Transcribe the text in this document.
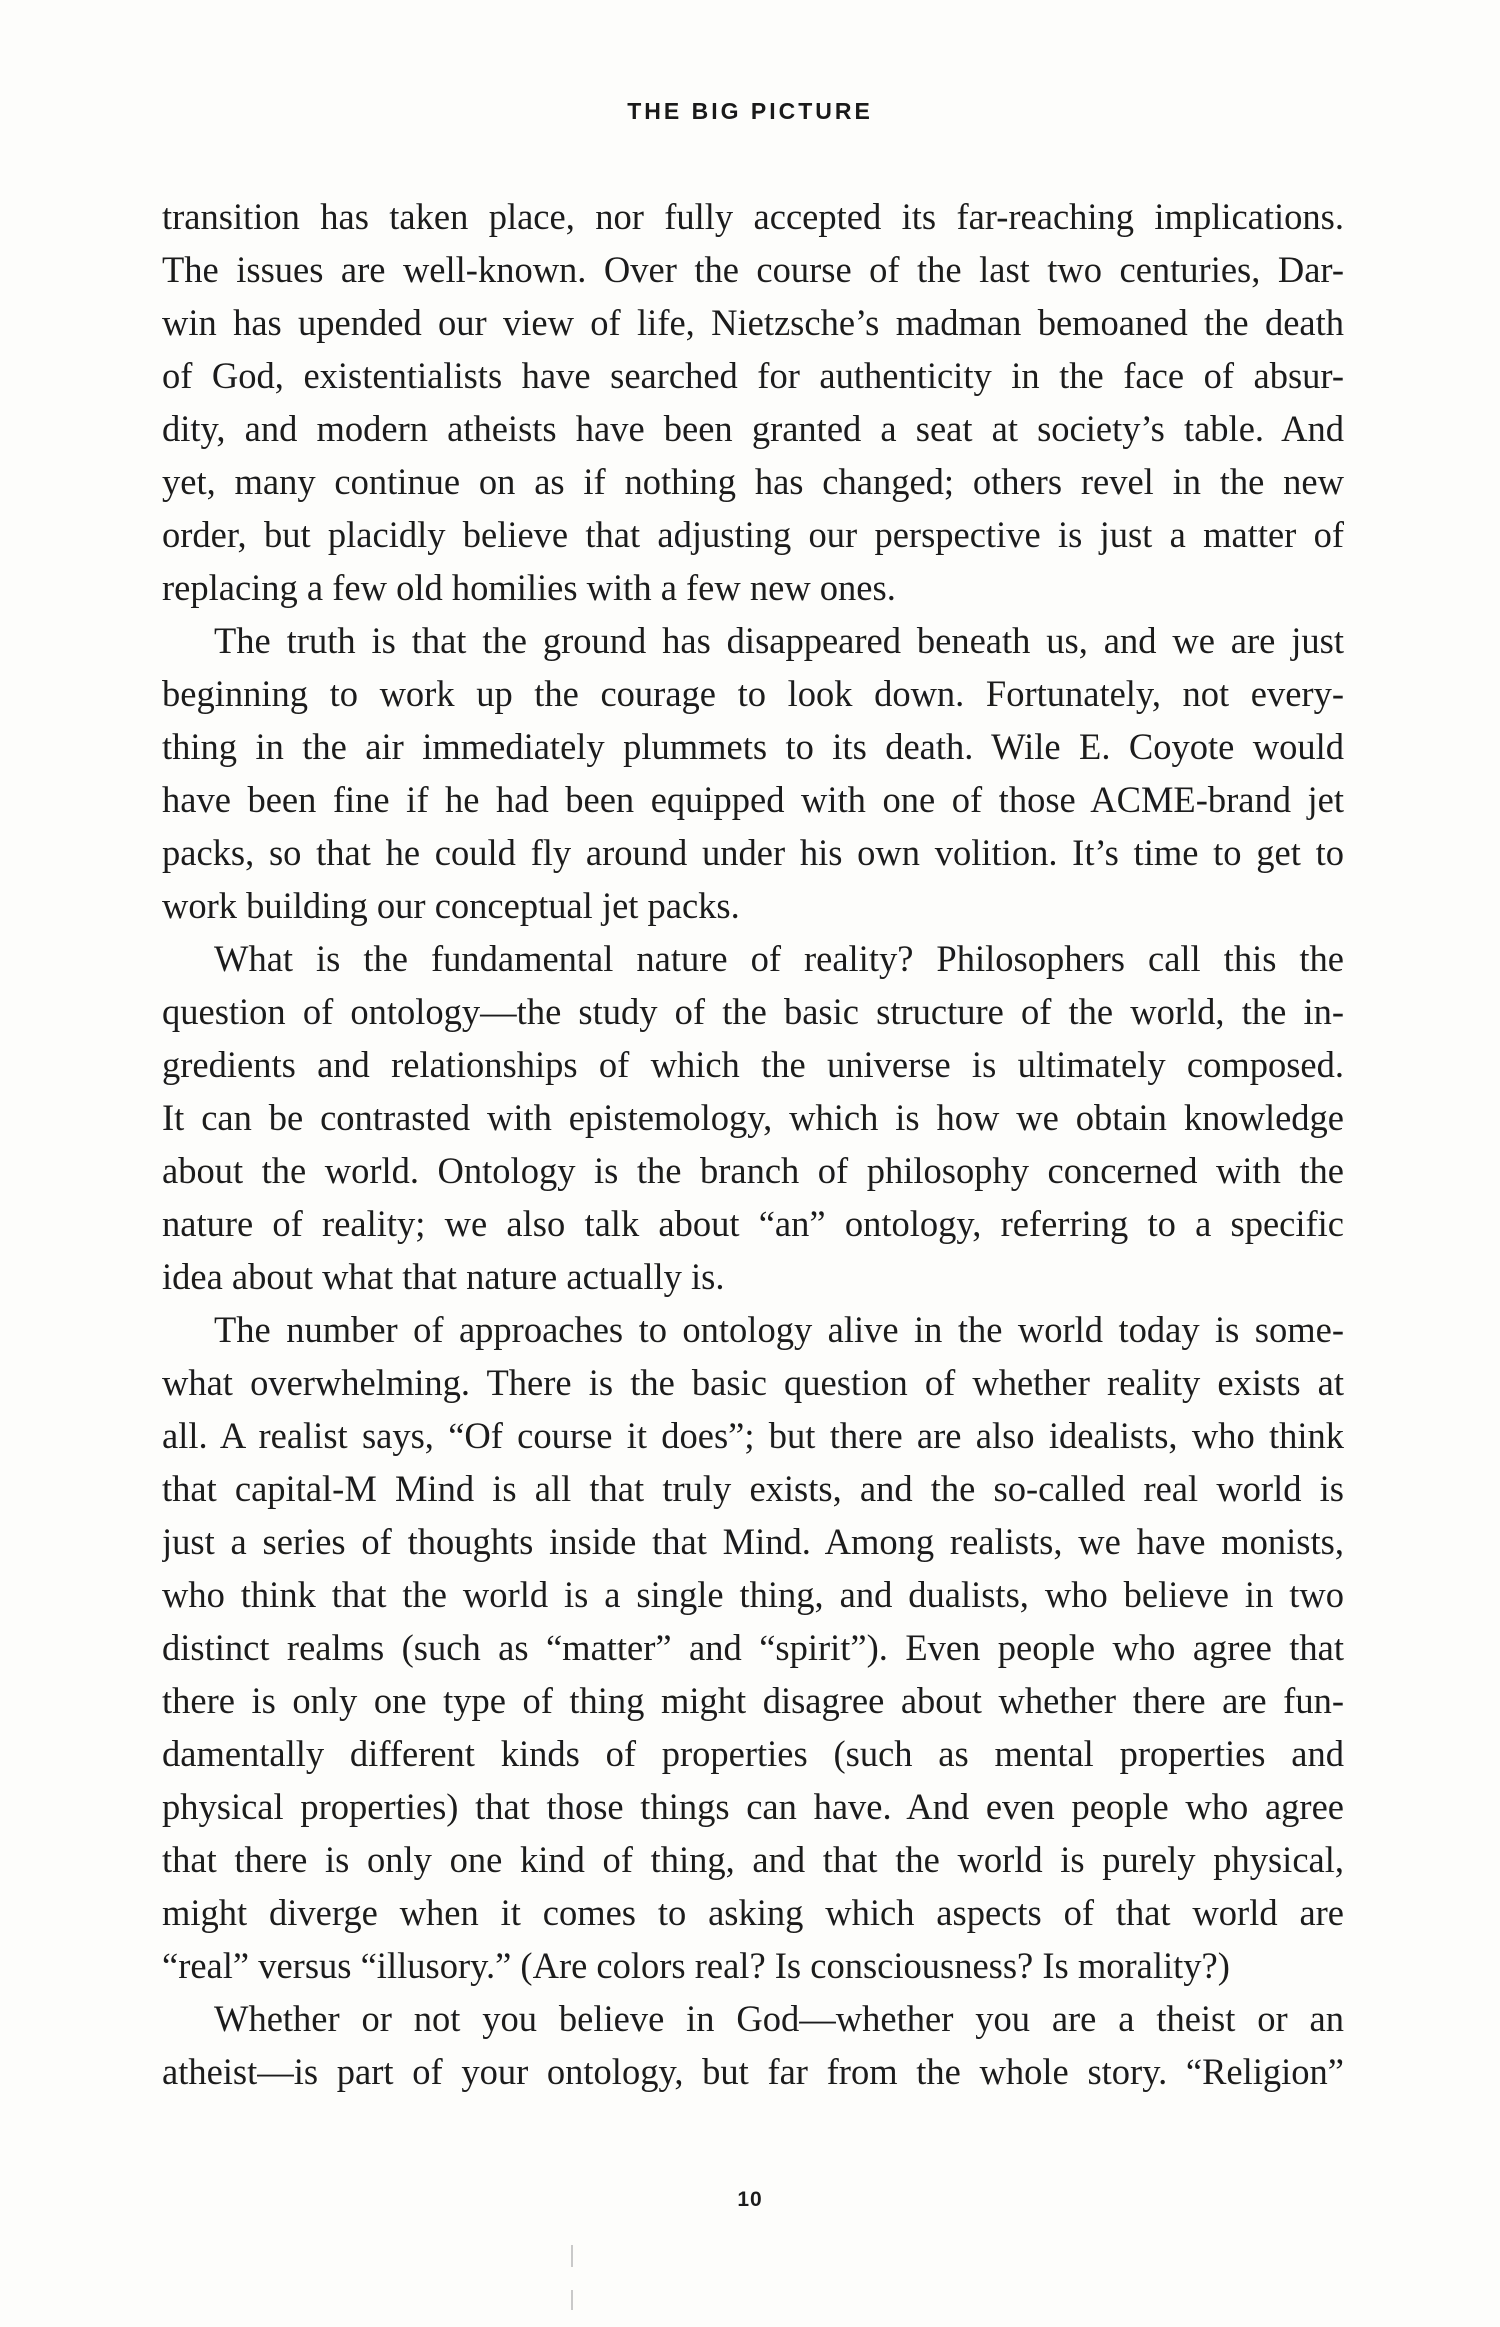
THE BIG PICTURE
transition has taken place, nor fully accepted its far-reaching implications.
The issues are well-known. Over the course of the last two centuries, Dar-
win has upended our view of life, Nietzsche’s madman bemoaned the death
of God, existentialists have searched for authenticity in the face of absur-
dity, and modern atheists have been granted a seat at society’s table. And
yet, many continue on as if nothing has changed; others revel in the new
order, but placidly believe that adjusting our perspective is just a matter of
replacing a few old homilies with a few new ones.
The truth is that the ground has disappeared beneath us, and we are just
beginning to work up the courage to look down. Fortunately, not every-
thing in the air immediately plummets to its death. Wile E. Coyote would
have been fine if he had been equipped with one of those ACME-brand jet
packs, so that he could fly around under his own volition. It’s time to get to
work building our conceptual jet packs.
What is the fundamental nature of reality? Philosophers call this the
question of ontology—the study of the basic structure of the world, the in-
gredients and relationships of which the universe is ultimately composed.
It can be contrasted with epistemology, which is how we obtain knowledge
about the world. Ontology is the branch of philosophy concerned with the
nature of reality; we also talk about “an” ontology, referring to a specific
idea about what that nature actually is.
The number of approaches to ontology alive in the world today is some-
what overwhelming. There is the basic question of whether reality exists at
all. A realist says, “Of course it does”; but there are also idealists, who think
that capital-M Mind is all that truly exists, and the so-called real world is
just a series of thoughts inside that Mind. Among realists, we have monists,
who think that the world is a single thing, and dualists, who believe in two
distinct realms (such as “matter” and “spirit”). Even people who agree that
there is only one type of thing might disagree about whether there are fun-
damentally different kinds of properties (such as mental properties and
physical properties) that those things can have. And even people who agree
that there is only one kind of thing, and that the world is purely physical,
might diverge when it comes to asking which aspects of that world are
“real” versus “illusory.” (Are colors real? Is consciousness? Is morality?)
Whether or not you believe in God—whether you are a theist or an
atheist—is part of your ontology, but far from the whole story. “Religion”
10
